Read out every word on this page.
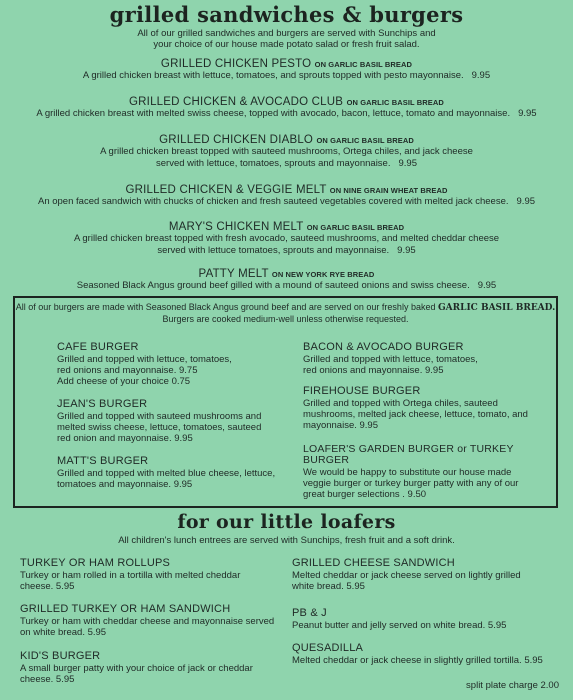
grilled sandwiches & burgers
All of our grilled sandwiches and burgers are served with Sunchips and
your choice of our house made potato salad or fresh fruit salad.
GRILLED CHICKEN PESTO ON GARLIC BASIL BREAD
A grilled chicken breast with lettuce, tomatoes, and sprouts topped with pesto mayonnaise. 9.95
GRILLED CHICKEN & AVOCADO CLUB ON GARLIC BASIL BREAD
A grilled chicken breast with melted swiss cheese, topped with avocado, bacon, lettuce, tomato and mayonnaise. 9.95
GRILLED CHICKEN DIABLO ON GARLIC BASIL BREAD
A grilled chicken breast topped with sauteed mushrooms, Ortega chiles, and jack cheese
served with lettuce, tomatoes, sprouts and mayonnaise. 9.95
GRILLED CHICKEN & VEGGIE MELT ON NINE GRAIN WHEAT BREAD
An open faced sandwich with chucks of chicken and fresh sauteed vegetables covered with melted jack cheese. 9.95
MARY'S CHICKEN MELT ON GARLIC BASIL BREAD
A grilled chicken breast topped with fresh avocado, sauteed mushrooms, and melted cheddar cheese
served with lettuce tomatoes, sprouts and mayonnaise. 9.95
PATTY MELT ON NEW YORK RYE BREAD
Seasoned Black Angus ground beef gilled with a mound of sauteed onions and swiss cheese. 9.95
All of our burgers are made with Seasoned Black Angus ground beef and are served on our freshly baked GARLIC BASIL BREAD.
Burgers are cooked medium-well unless otherwise requested.
CAFE BURGER
Grilled and topped with lettuce, tomatoes,
red onions and mayonnaise. 9.75
Add cheese of your choice 0.75
JEAN'S BURGER
Grilled and topped with sauteed mushrooms and
melted swiss cheese, lettuce, tomatoes, sauteed
red onion and mayonnaise. 9.95
MATT'S BURGER
Grilled and topped with melted blue cheese, lettuce,
tomatoes and mayonnaise. 9.95
BACON & AVOCADO BURGER
Grilled and topped with lettuce, tomatoes,
red onions and mayonnaise. 9.95
FIREHOUSE BURGER
Grilled and topped with Ortega chiles, sauteed
mushrooms, melted jack cheese, lettuce, tomato, and
mayonnaise. 9.95
LOAFER'S GARDEN BURGER or TURKEY BURGER
We would be happy to substitute our house made
veggie burger or turkey burger patty with any of our
great burger selections . 9.50
for our little loafers
All children's lunch entrees are served with Sunchips, fresh fruit and a soft drink.
TURKEY OR HAM ROLLUPS
Turkey or ham rolled in a tortilla with melted cheddar
cheese. 5.95
GRILLED TURKEY OR HAM SANDWICH
Turkey or ham with cheddar cheese and mayonnaise served
on white bread. 5.95
KID'S BURGER
A small burger patty with your choice of jack or cheddar
cheese. 5.95
GRILLED CHEESE SANDWICH
Melted cheddar or jack cheese served on lightly grilled
white bread. 5.95
PB & J
Peanut butter and jelly served on white bread. 5.95
QUESADILLA
Melted cheddar or jack cheese in slightly grilled tortilla. 5.95
split plate charge 2.00
